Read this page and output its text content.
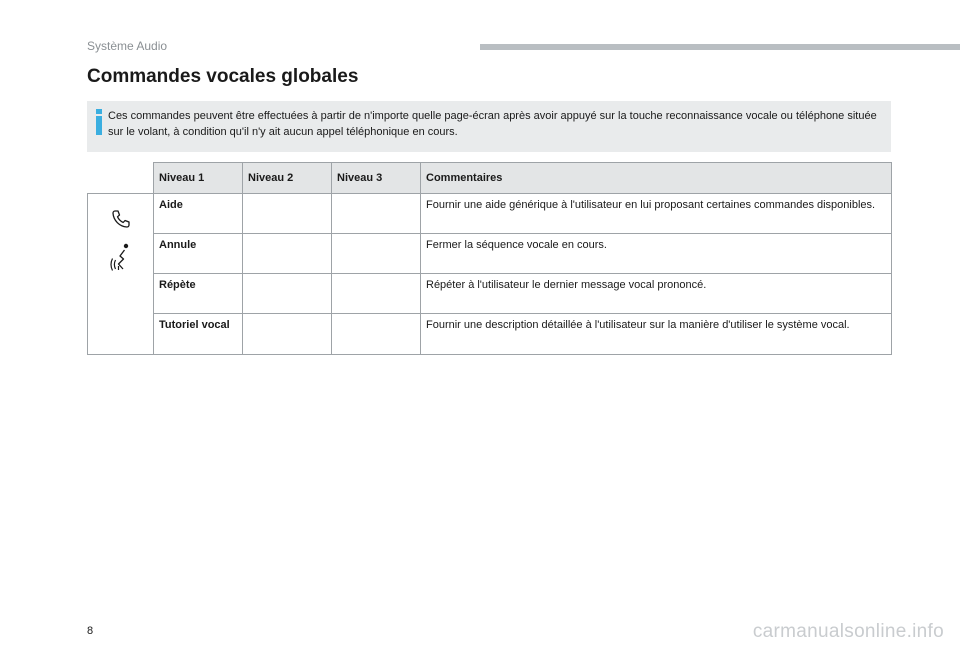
Système Audio
Commandes vocales globales
Ces commandes peuvent être effectuées à partir de n'importe quelle page-écran après avoir appuyé sur la touche reconnaissance vocale ou téléphone située sur le volant, à condition qu'il n'y ait aucun appel téléphonique en cours.
	Niveau 1	Niveau 2	Niveau 3	Commentaires

	Aide			Fournir une aide générique à l'utilisateur en lui proposant certaines commandes disponibles.
	Annule			Fermer la séquence vocale en cours.
	Répète			Répéter à l'utilisateur le dernier message vocal prononcé.
	Tutoriel vocal			Fournir une description détaillée à l'utilisateur sur la manière d'utiliser le système vocal.
8	carmanualsonline.info
